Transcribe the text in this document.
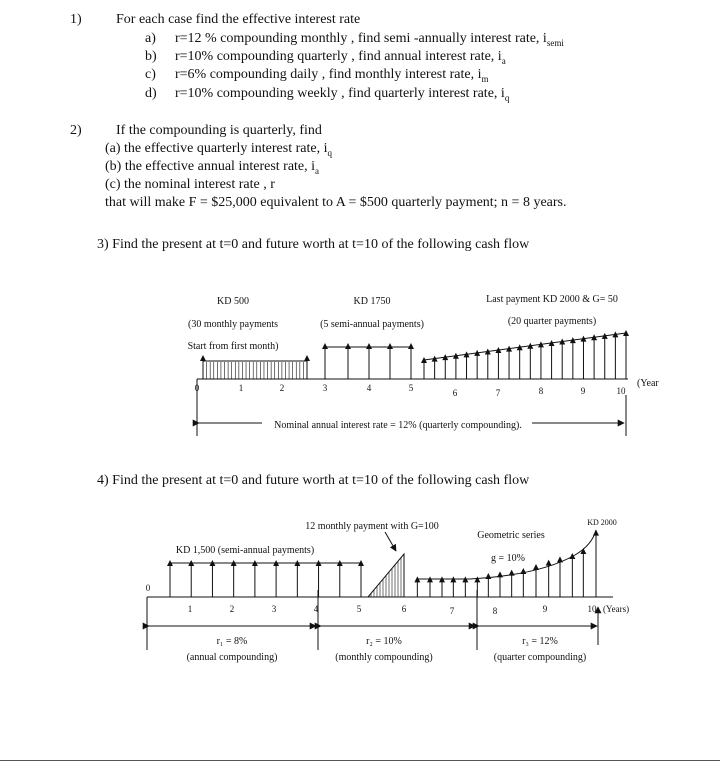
1) For each case find the effective interest rate
a) r=12 % compounding monthly , find semi -annually interest rate, $i_{semi}$
b) r=10% compounding quarterly , find annual interest rate, $i_a$
c) r=6% compounding daily , find monthly interest rate, $i_m$
d) r=10% compounding weekly , find quarterly interest rate, $i_q$
2) If the compounding is quarterly, find
(a) the effective quarterly interest rate, $i_q$
(b) the effective annual interest rate, $i_a$
(c) the nominal interest rate , r
that will make F = $25,000 equivalent to A = $500 quarterly payment; n = 8 years.
3) Find the present at t=0 and future worth at t=10 of the following cash flow
4) Find the present at t=0 and future worth at t=10 of the following cash flow
KD 500
(30 monthly payments
Start from first month)
KD 1750
(5 semi-annual payments)
Last payment KD 2000 & G= 50
(20 quarter payments)
Nominal annual interest rate = 12% (quarterly compounding).
(Year
12 monthly payment with G=100
KD 1,500 (semi-annual payments)
Geometric series
g = 10%
KD 2000
(Years)
r₁ = 8%
(annual compounding)
r₂ = 10%
(monthly compounding)
r₃ = 12%
(quarter compounding)
0	1	2	3	4	5	6	7	8	9	10
0
1	2	3	4	5	6	7	8	9	10
